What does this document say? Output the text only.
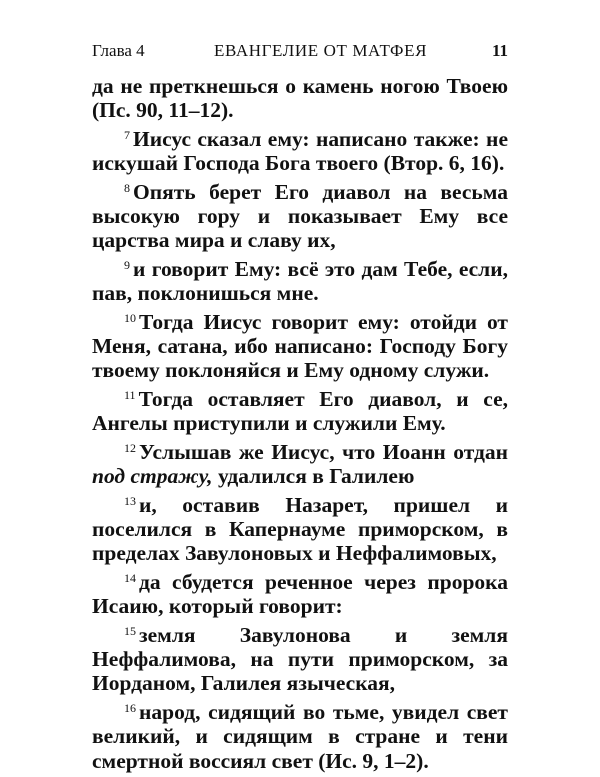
Глава 4	ЕВАНГЕЛИЕ ОТ МАТФЕЯ	11

да не преткнешься о камень ногою Твоею (Пс. 90, 11–12).

$^7$ Иисус сказал ему: написано также: не искушай Господа Бога твоего (Втор. 6, 16).

$^8$ Опять берет Его диавол на весьма высокую гору и показывает Ему все царства мира и славу их,

$^9$ и говорит Ему: всё это дам Тебе, если, пав, поклонишься мне.

$^{10}$ Тогда Иисус говорит ему: отойди от Меня, сатана, ибо написано: Господу Богу твоему поклоняйся и Ему одному служи.

$^{11}$ Тогда оставляет Его диавол, и се, Ангелы приступили и служили Ему.

$^{12}$ Услышав же Иисус, что Иоанн отдан под стражу, удалился в Галилею

$^{13}$ и, оставив Назарет, пришел и поселился в Капернауме приморском, в пределах Завулоновых и Неффалимовых,

$^{14}$ да сбудется реченное через пророка Исаию, который говорит:

$^{15}$ земля Завулонова и земля Неффалимова, на пути приморском, за Иорданом, Галилея языческая,

$^{16}$ народ, сидящий во тьме, увидел свет великий, и сидящим в стране и тени смертной воссиял свет (Ис. 9, 1–2).
